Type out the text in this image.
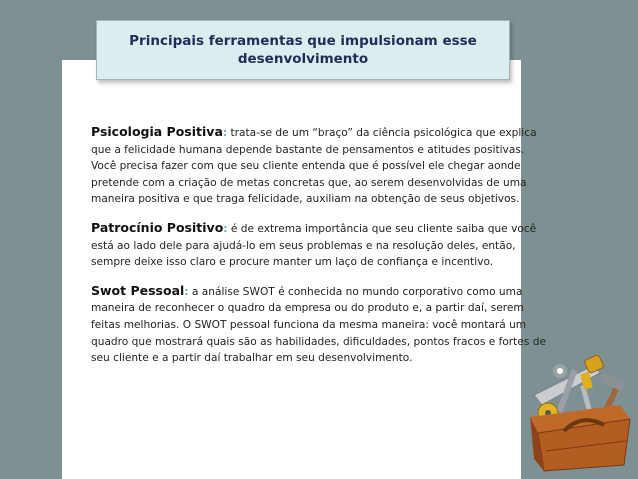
Principais ferramentas que impulsionam esse desenvolvimento

Psicologia Positiva: trata-se de um “braço” da ciência psicológica que explica que a felicidade humana depende bastante de pensamentos e atitudes positivas. Você precisa fazer com que seu cliente entenda que é possível ele chegar aonde pretende com a criação de metas concretas que, ao serem desenvolvidas de uma maneira positiva e que traga felicidade, auxiliam na obtenção de seus objetivos.

Patrocínio Positivo: é de extrema importância que seu cliente saiba que você está ao lado dele para ajudá-lo em seus problemas e na resolução deles, então, sempre deixe isso claro e procure manter um laço de confiança e incentivo.

Swot Pessoal: a análise SWOT é conhecida no mundo corporativo como uma maneira de reconhecer o quadro da empresa ou do produto e, a partir daí, serem feitas melhorias. O SWOT pessoal funciona da mesma maneira: você montará um quadro que mostrará quais são as habilidades, dificuldades, pontos fracos e fortes de seu cliente e a partir daí trabalhar em seu desenvolvimento.
